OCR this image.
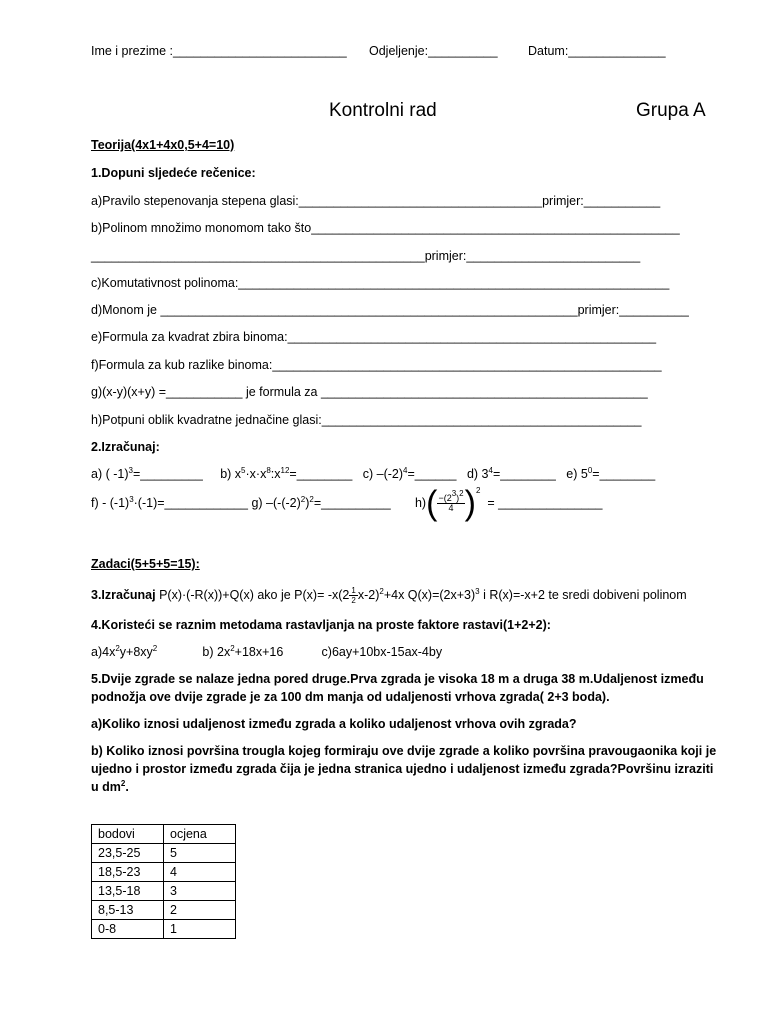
Ime i prezime :_________________________ Odjeljenje:__________ Datum:______________
Kontrolni rad	Grupa A
Teorija(4x1+4x0,5+4=10)
1.Dopuni sljedeće rečenice:
a)Pravilo stepenovanja stepena glasi:___________________________________primjer:___________
b)Polinom množimo monomom tako što_____________________________________________________
________________________________________________primjer:_________________________
c)Komutativnost polinoma:______________________________________________________________
d)Monom je ____________________________________________________________primjer:__________
e)Formula za kvadrat zbira binoma:_____________________________________________________
f)Formula za kub razlike binoma:________________________________________________________
g)(x-y)(x+y) =___________ je formula za _______________________________________________
h)Potpuni oblik kvadratne jednačine glasi:______________________________________________
2.Izračunaj:
a) ( -1)$^3$=_________ b) $x^5\cdot x\cdot x^8:x^{12}=\_\_\_\_\_\_\_\_$ c) $-(-2)^4=\_\_\_\_\_\_$ d) $3^4=\_\_\_\_\_\_\_\_$ e) $5^0=\_\_\_\_\_\_\_\_$
$f) - (-1)^3\cdot(-1)=\_\_\_\_\_\_\_\_\_\_\_\_$ g) $-(-(-2)^2)^2=\_\_\_\_\_\_\_\_\_\_$ $h)( \frac{-(2^3)^2}{4} )^2$  = _______________
Zadaci(5+5+5=15):
3.Izračunaj P(x)·(-R(x))+Q(x) ako je $P(x)= -x(2 \frac{1}{2} x-2)^2+4x$ $Q(x)=(2x+3)^3$ i R(x)=-x+2 te sredi dobiveni polinom
4.Koristeći se raznim metodama rastavljanja na proste faktore rastavi(1+2+2):
$a)4x^2y+8xy^2$	b) $2x^2+18x+16$	c)6ay+10bx-15ax-4by
5.Dvije zgrade se nalaze jedna pored druge.Prva zgrada je visoka 18 m a druga 38 m.Udaljenost između
podnožja ove dvije zgrade je za 100 dm manja od udaljenosti vrhova zgrada( 2+3 boda).
a)Koliko iznosi udaljenost između zgrada a koliko udaljenost vrhova ovih zgrada?
b) Koliko iznosi površina trougla kojeg formiraju ove dvije zgrade a koliko površina pravougaonika koji je
ujedno i prostor između zgrada čija je jedna stranica ujedno i udaljenost između zgrada?Površinu izraziti
u $dm^2$.
bodovi	ocjena
23,5-25	5
18,5-23	4
13,5-18	3
8,5-13	2
0-8	1
